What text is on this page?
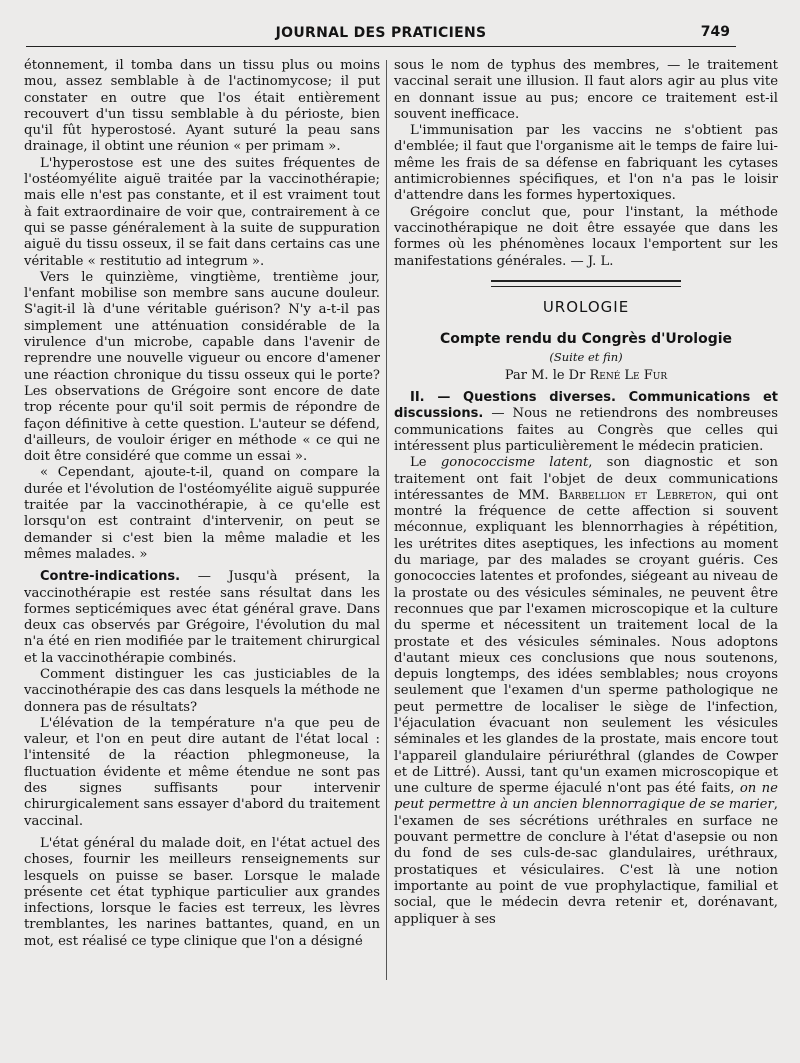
JOURNAL DES PRATICIENS	749

étonnement, il tomba dans un tissu plus ou moins mou, assez semblable à de l'actinomycose; il put constater en outre que l'os était entièrement recouvert d'un tissu semblable à du périoste, bien qu'il fût hyperostosé. Ayant suturé la peau sans drainage, il obtint une réunion « per primam ».

L'hyperostose est une des suites fréquentes de l'ostéomyélite aiguë traitée par la vaccinothérapie; mais elle n'est pas constante, et il est vraiment tout à fait extraordinaire de voir que, contrairement à ce qui se passe généralement à la suite de suppuration aiguë du tissu osseux, il se fait dans certains cas une véritable « restitutio ad integrum ».

Vers le quinzième, vingtième, trentième jour, l'enfant mobilise son membre sans aucune douleur. S'agit-il là d'une véritable guérison? N'y a-t-il pas simplement une atténuation considérable de la virulence d'un microbe, capable dans l'avenir de reprendre une nouvelle vigueur ou encore d'amener une réaction chronique du tissu osseux qui le porte? Les observations de Grégoire sont encore de date trop récente pour qu'il soit permis de répondre de façon définitive à cette question. L'auteur se défend, d'ailleurs, de vouloir ériger en méthode « ce qui ne doit être considéré que comme un essai ».

« Cependant, ajoute-t-il, quand on compare la durée et l'évolution de l'ostéomyélite aiguë suppurée traitée par la vaccinothérapie, à ce qu'elle est lorsqu'on est contraint d'intervenir, on peut se demander si c'est bien la même maladie et les mêmes malades. »

Contre-indications. — Jusqu'à présent, la vaccinothérapie est restée sans résultat dans les formes septicémiques avec état général grave. Dans deux cas observés par Grégoire, l'évolution du mal n'a été en rien modifiée par le traitement chirurgical et la vaccinothérapie combinés.

Comment distinguer les cas justiciables de la vaccinothérapie des cas dans lesquels la méthode ne donnera pas de résultats?

L'élévation de la température n'a que peu de valeur, et l'on en peut dire autant de l'état local : l'intensité de la réaction phlegmoneuse, la fluctuation évidente et même étendue ne sont pas des signes suffisants pour intervenir chirurgicalement sans essayer d'abord du traitement vaccinal.

L'état général du malade doit, en l'état actuel des choses, fournir les meilleurs renseignements sur lesquels on puisse se baser. Lorsque le malade présente cet état typhique particulier aux grandes infections, lorsque le facies est terreux, les lèvres tremblantes, les narines battantes, quand, en un mot, est réalisé ce type clinique que l'on a désigné

sous le nom de typhus des membres, — le traitement vaccinal serait une illusion. Il faut alors agir au plus vite en donnant issue au pus; encore ce traitement est-il souvent inefficace.

L'immunisation par les vaccins ne s'obtient pas d'emblée; il faut que l'organisme ait le temps de faire lui-même les frais de sa défense en fabriquant les cytases antimicrobiennes spécifiques, et l'on n'a pas le loisir d'attendre dans les formes hypertoxiques.

Grégoire conclut que, pour l'instant, la méthode vaccinothérapique ne doit être essayée que dans les formes où les phénomènes locaux l'emportent sur les manifestations générales. — J. L.

UROLOGIE
Compte rendu du Congrès d'Urologie
(Suite et fin)
Par M. le Dr René Le Fur

II. — Questions diverses. Communications et discussions. — Nous ne retiendrons des nombreuses communications faites au Congrès que celles qui intéressent plus particulièrement le médecin praticien.

Le gonococcisme latent, son diagnostic et son traitement ont fait l'objet de deux communications intéressantes de MM. Barbellion et Lebreton, qui ont montré la fréquence de cette affection si souvent méconnue, expliquant les blennorrhagies à répétition, les urétrites dites aseptiques, les infections au moment du mariage, par des malades se croyant guéris. Ces gonococcies latentes et profondes, siégeant au niveau de la prostate ou des vésicules séminales, ne peuvent être reconnues que par l'examen microscopique et la culture du sperme et nécessitent un traitement local de la prostate et des vésicules séminales. Nous adoptons d'autant mieux ces conclusions que nous soutenons, depuis longtemps, des idées semblables; nous croyons seulement que l'examen d'un sperme pathologique ne peut permettre de localiser le siège de l'infection, l'éjaculation évacuant non seulement les vésicules séminales et les glandes de la prostate, mais encore tout l'appareil glandulaire périuréthral (glandes de Cowper et de Littré). Aussi, tant qu'un examen microscopique et une culture de sperme éjaculé n'ont pas été faits, on ne peut permettre à un ancien blennorragique de se marier, l'examen de ses sécrétions uréthrales en surface ne pouvant permettre de conclure à l'état d'asepsie ou non du fond de ses culs-de-sac glandulaires, uréthraux, prostatiques et vésiculaires. C'est là une notion importante au point de vue prophylactique, familial et social, que le médecin devra retenir et, dorénavant, appliquer à ses
